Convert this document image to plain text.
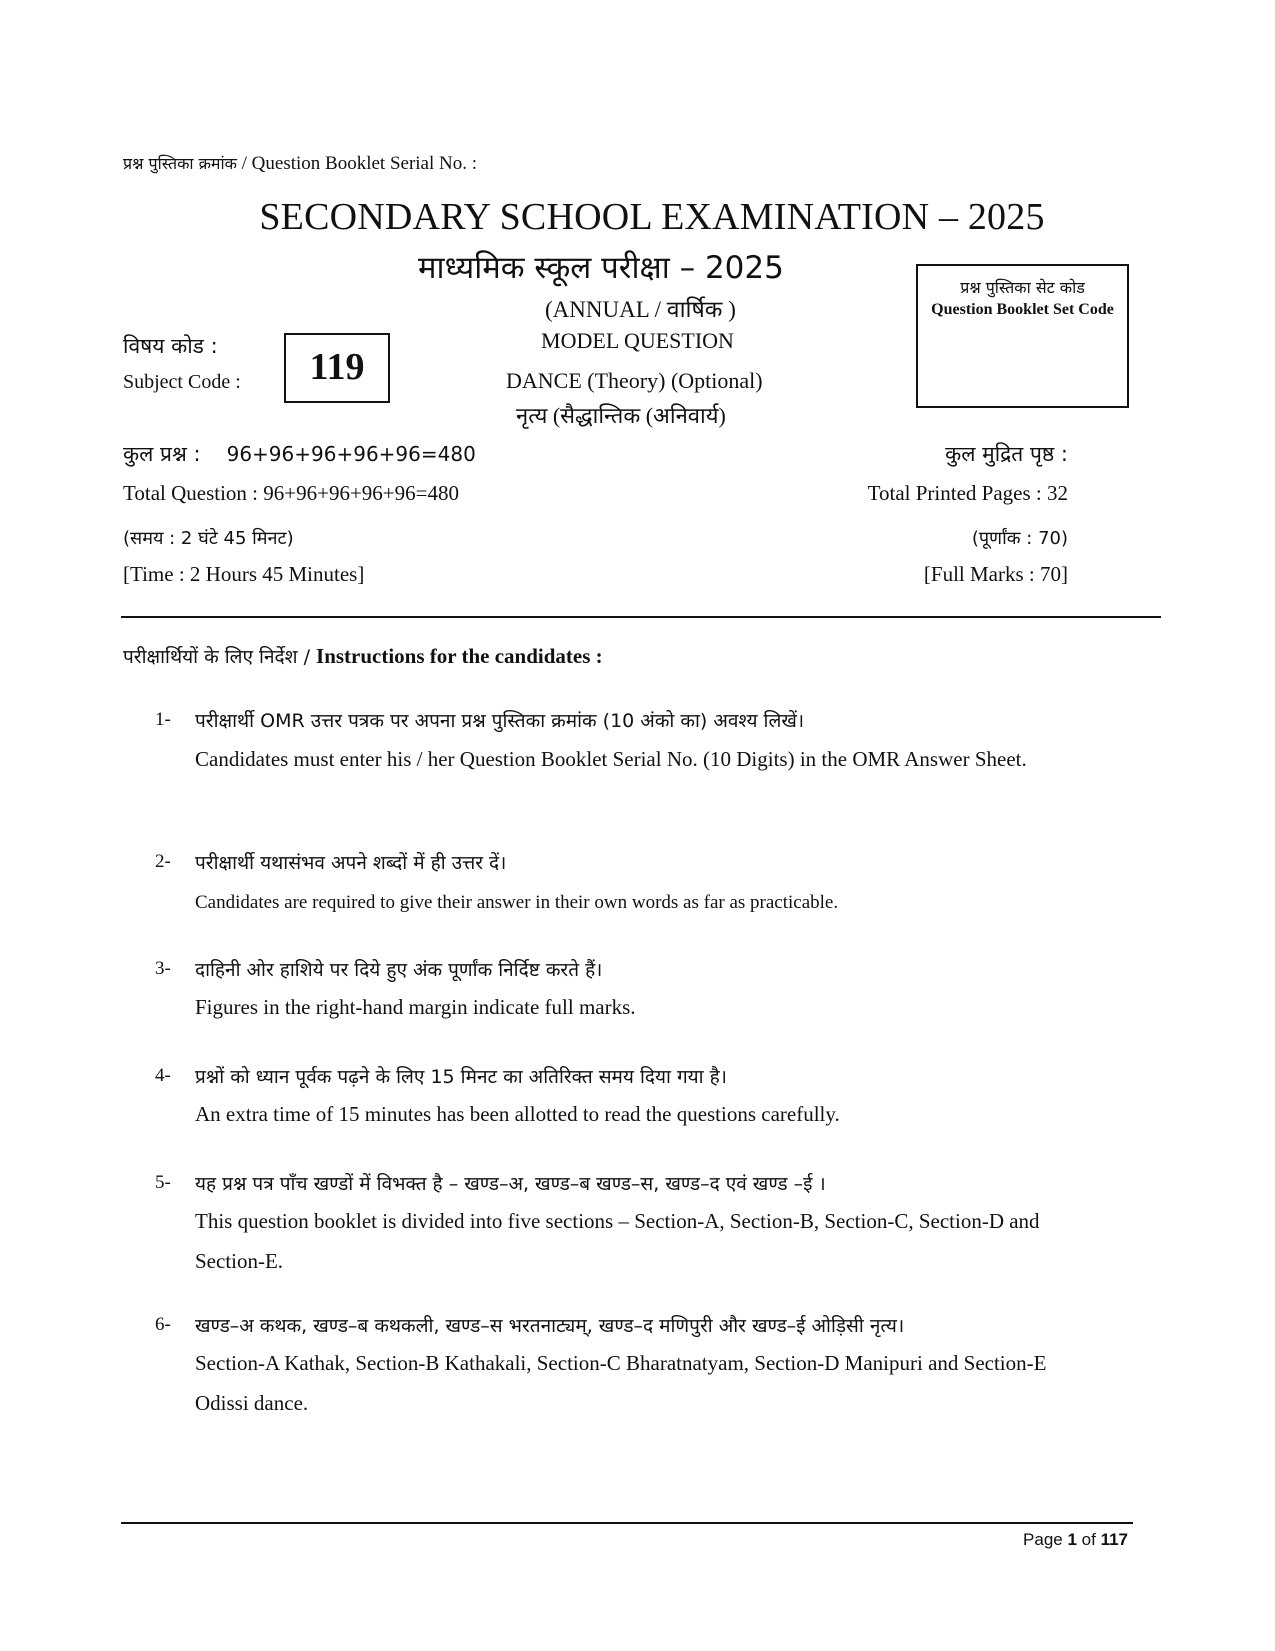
प्रश्न पुस्तिका क्रमांक / Question Booklet Serial No. :
SECONDARY SCHOOL EXAMINATION – 2025
माध्यमिक स्कूल परीक्षा – 2025
(ANNUAL / वार्षिक )
MODEL QUESTION
DANCE (Theory) (Optional)
नृत्य (सैद्धान्तिक (अनिवार्य)
प्रश्न पुस्तिका सेट कोड
Question Booklet Set Code
विषय कोड :
Subject Code :	119
कुल प्रश्न : 96+96+96+96+96=480
Total Question : 96+96+96+96+96=480
कुल मुद्रित पृष्ठ :
Total Printed Pages : 32
(समय : 2 घंटे 45 मिनट)
[Time : 2 Hours 45 Minutes]
(पूर्णांक : 70)
[Full Marks : 70]
परीक्षार्थियों के लिए निर्देश / Instructions for the candidates :
1- परीक्षार्थी OMR उत्तर पत्रक पर अपना प्रश्न पुस्तिका क्रमांक (10 अंको का) अवश्य लिखें।
Candidates must enter his / her Question Booklet Serial No. (10 Digits) in the OMR Answer Sheet.
2- परीक्षार्थी यथासंभव अपने शब्दों में ही उत्तर दें।
Candidates are required to give their answer in their own words as far as practicable.
3- दाहिनी ओर हाशिये पर दिये हुए अंक पूर्णांक निर्दिष्ट करते हैं।
Figures in the right-hand margin indicate full marks.
4- प्रश्नों को ध्यान पूर्वक पढ़ने के लिए 15 मिनट का अतिरिक्त समय दिया गया है।
An extra time of 15 minutes has been allotted to read the questions carefully.
5- यह प्रश्न पत्र पाँच खण्डों में विभक्त है – खण्ड–अ, खण्ड–ब खण्ड–स, खण्ड–द एवं खण्ड –ई ।
This question booklet is divided into five sections – Section-A, Section-B, Section-C, Section-D and Section-E.
6- खण्ड–अ कथक, खण्ड–ब कथकली, खण्ड–स भरतनाट्यम्, खण्ड–द मणिपुरी और खण्ड–ई ओड़िसी नृत्य।
Section-A Kathak, Section-B Kathakali, Section-C Bharatnatyam, Section-D Manipuri and Section-E Odissi dance.
Page 1 of 117
